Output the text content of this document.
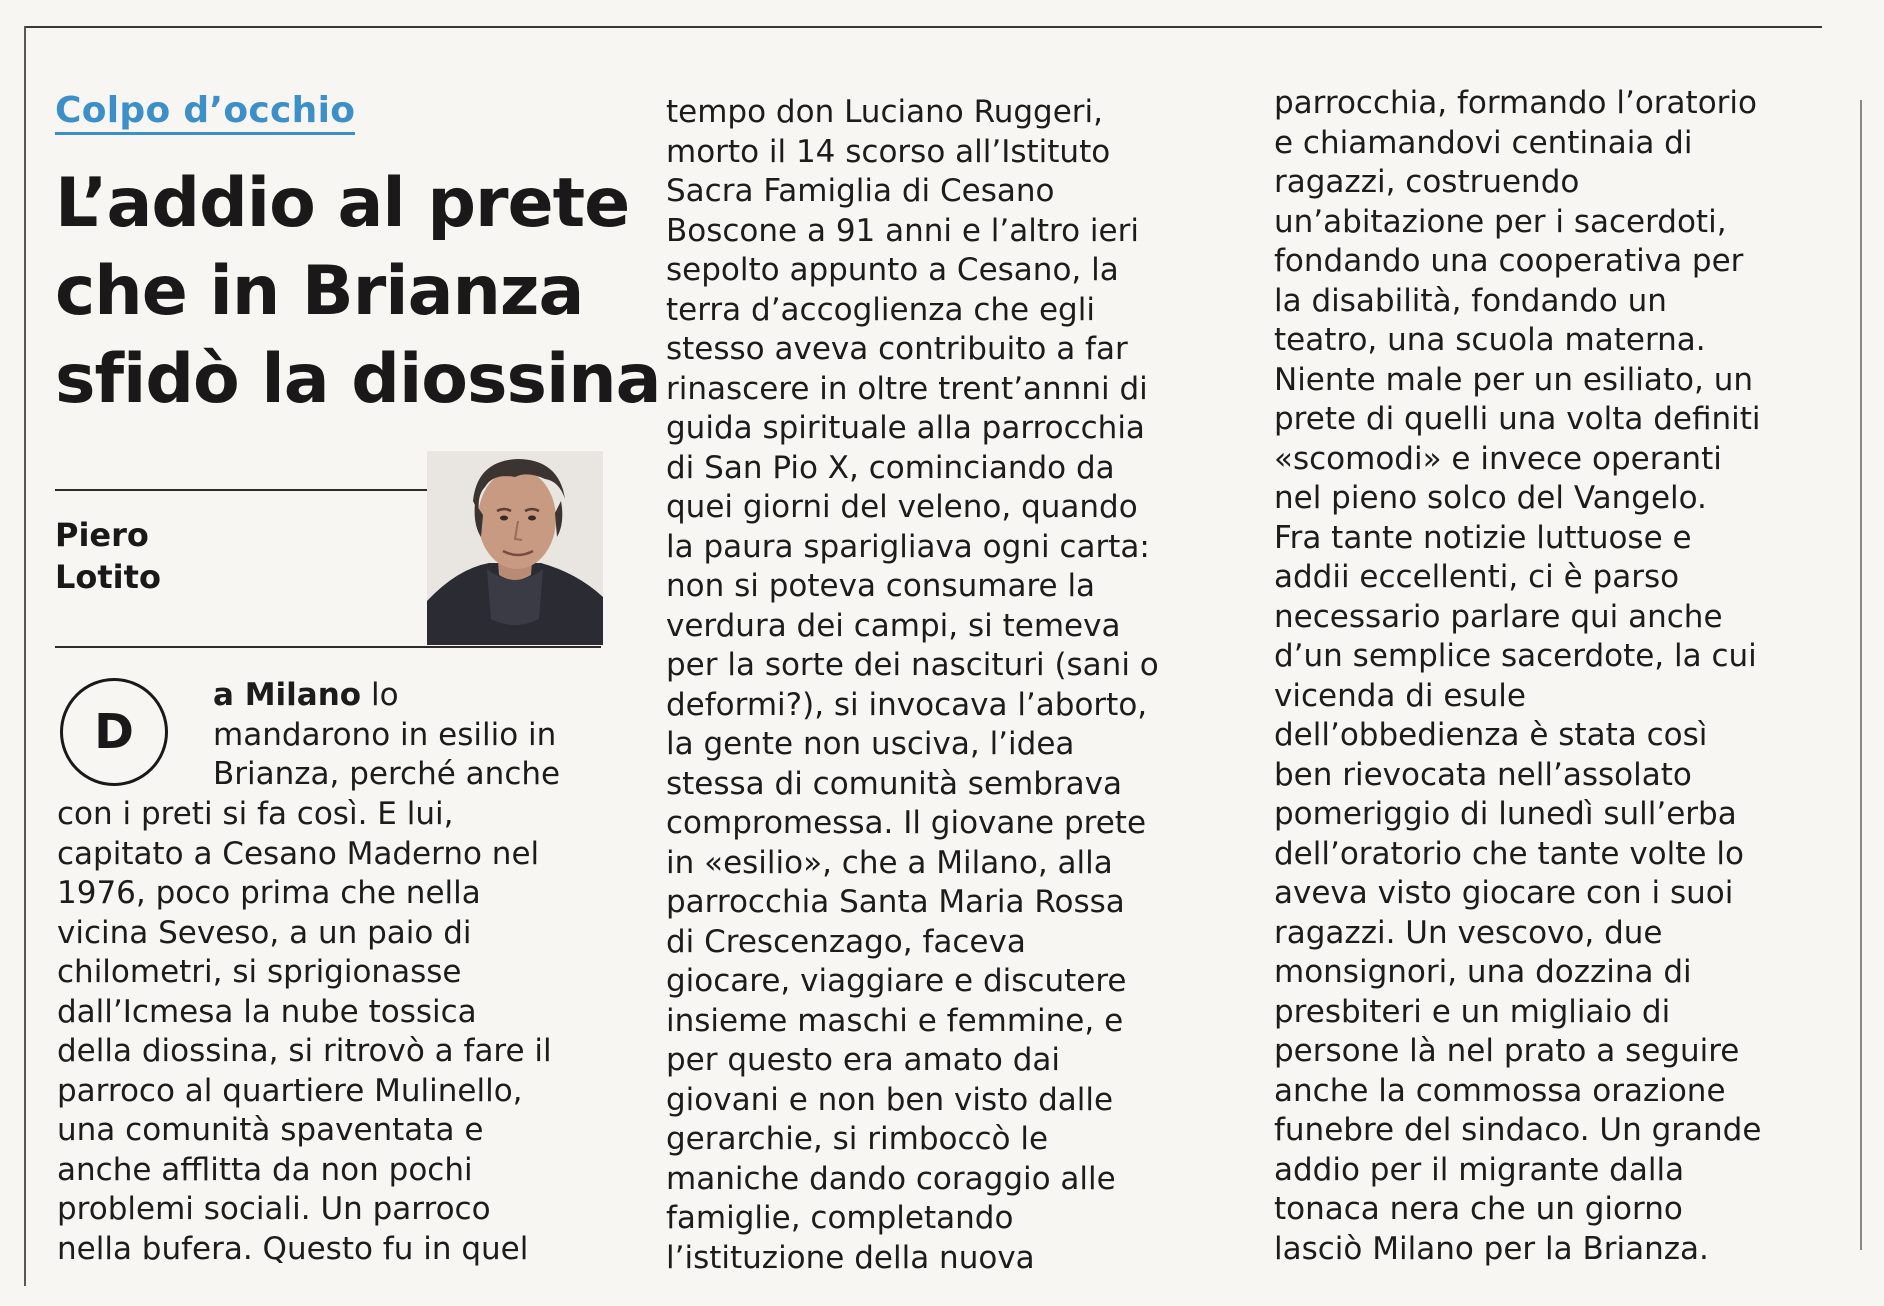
Colpo d’occhio
L’addio al prete
che in Brianza
sfidò la diossina
Piero
Lotito
D
a Milano lo
mandarono in esilio in
Brianza, perché anche
con i preti si fa così. E lui,
capitato a Cesano Maderno nel
1976, poco prima che nella
vicina Seveso, a un paio di
chilometri, si sprigionasse
dall’Icmesa la nube tossica
della diossina, si ritrovò a fare il
parroco al quartiere Mulinello,
una comunità spaventata e
anche afflitta da non pochi
problemi sociali. Un parroco
nella bufera. Questo fu in quel
tempo don Luciano Ruggeri,
morto il 14 scorso all’Istituto
Sacra Famiglia di Cesano
Boscone a 91 anni e l’altro ieri
sepolto appunto a Cesano, la
terra d’accoglienza che egli
stesso aveva contribuito a far
rinascere in oltre trent’annni di
guida spirituale alla parrocchia
di San Pio X, cominciando da
quei giorni del veleno, quando
la paura sparigliava ogni carta:
non si poteva consumare la
verdura dei campi, si temeva
per la sorte dei nascituri (sani o
deformi?), si invocava l’aborto,
la gente non usciva, l’idea
stessa di comunità sembrava
compromessa. Il giovane prete
in «esilio», che a Milano, alla
parrocchia Santa Maria Rossa
di Crescenzago, faceva
giocare, viaggiare e discutere
insieme maschi e femmine, e
per questo era amato dai
giovani e non ben visto dalle
gerarchie, si rimboccò le
maniche dando coraggio alle
famiglie, completando
l’istituzione della nuova
parrocchia, formando l’oratorio
e chiamandovi centinaia di
ragazzi, costruendo
un’abitazione per i sacerdoti,
fondando una cooperativa per
la disabilità, fondando un
teatro, una scuola materna.
Niente male per un esiliato, un
prete di quelli una volta definiti
«scomodi» e invece operanti
nel pieno solco del Vangelo.
Fra tante notizie luttuose e
addii eccellenti, ci è parso
necessario parlare qui anche
d’un semplice sacerdote, la cui
vicenda di esule
dell’obbedienza è stata così
ben rievocata nell’assolato
pomeriggio di lunedì sull’erba
dell’oratorio che tante volte lo
aveva visto giocare con i suoi
ragazzi. Un vescovo, due
monsignori, una dozzina di
presbiteri e un migliaio di
persone là nel prato a seguire
anche la commossa orazione
funebre del sindaco. Un grande
addio per il migrante dalla
tonaca nera che un giorno
lasciò Milano per la Brianza.
